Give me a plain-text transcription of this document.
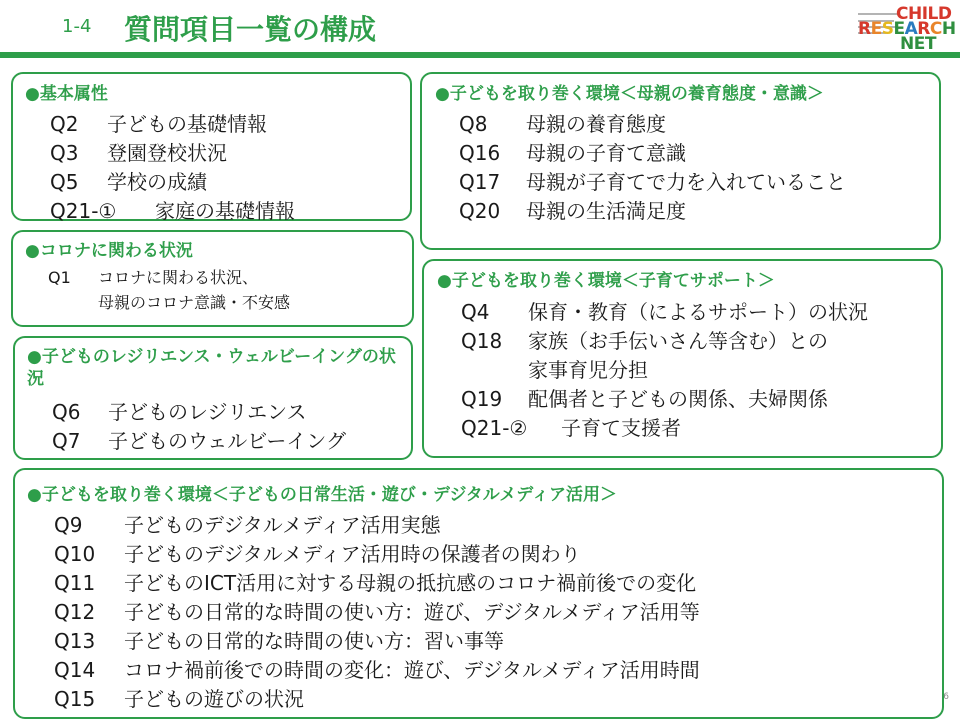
1-4 質問項目一覧の構成	CHILD
RESEARCH
NET
●基本属性
Q2 子どもの基礎情報
Q3 登園登校状況
Q5 学校の成績
Q21-① 家庭の基礎情報
●コロナに関わる状況
Q1 コロナに関わる状況、
母親のコロナ意識・不安感
●子どものレジリエンス・ウェルビーイングの状況
Q6 子どものレジリエンス
Q7 子どものウェルビーイング
●子どもを取り巻く環境＜母親の養育態度・意識＞
Q8 母親の養育態度
Q16 母親の子育て意識
Q17 母親が子育てで力を入れていること
Q20 母親の生活満足度
●子どもを取り巻く環境＜子育てサポート＞
Q4 保育・教育（によるサポート）の状況
Q18 家族（お手伝いさん等含む）との
家事育児分担
Q19 配偶者と子どもの関係、夫婦関係
Q21-② 子育て支援者
●子どもを取り巻く環境＜子どもの日常生活・遊び・デジタルメディア活用＞
Q9 子どものデジタルメディア活用実態
Q10 子どものデジタルメディア活用時の保護者の関わり
Q11 子どものICT活用に対する母親の抵抗感のコロナ禍前後での変化
Q12 子どもの日常的な時間の使い方：遊び、デジタルメディア活用等
Q13 子どもの日常的な時間の使い方：習い事等
Q14 コロナ禍前後での時間の変化：遊び、デジタルメディア活用時間
Q15 子どもの遊びの状況	6
